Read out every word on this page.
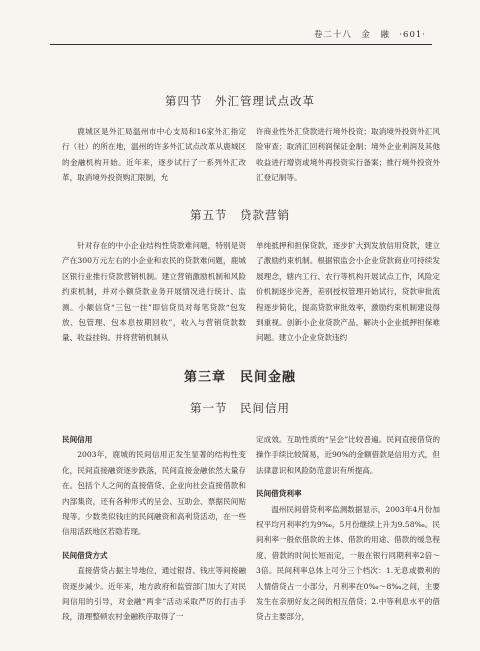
卷二十八　金　融　·601·
第四节　外汇管理试点改革

鹿城区是外汇局温州市中心支局和16家外汇指定行（社）的所在地，温州的许多外汇试点改革从鹿城区的金融机构开始。近年来，逐步试行了一系列外汇改革，取消境外投资购汇限制，允

许商业性外汇贷款进行境外投资；取消境外投资外汇风险审查；取消汇回利润保证金制；境外企业利润及其他收益进行增资或境外再投资实行备案；推行境外投资外汇登记制等。

第五节　贷款营销

针对存在的中小企业结构性贷款难问题，特别是资产在300万元左右的小企业和农民的贷款难问题，鹿城区银行业推行贷款营销机制。建立营销激励机制和风险约束机制，并对小额贷款业务开展情况进行统计、监测。小额信贷“三包一挂”即信贷员对每笔贷款“包发放、包管理、包本息按期回收”，收入与营销贷款数量、收益挂钩。并将营销机制从

单纯抵押和担保贷款，逐步扩大到发放信用贷款，建立了激励约束机制。根据银监会小企业贷款商业可持续发展理念，辖内工行、农行等机构开展试点工作，风险定价机制逐步完善，差别授权管理开始试行，贷款审批流程逐步简化，提高贷款审批效率，激励约束机制建设得到重视。创新小企业贷款产品，解决小企业抵押担保难问题。建立小企业贷款违约

第三章　民间金融
第一节　民间信用

民间信用

2003年，鹿城的民间信用正发生显著的结构性变化，民间直接融资逐步跌落，民间直接金融依然大量存在。包括个人之间的直接借贷、企业向社会直接借款和内部集资，还有各种形式的呈会、互助会、票据民间贴现等。少数类似钱庄的民间融资和高利贷活动，在一些信用活跃地区若隐若现。

民间借贷方式

直接借贷占据主导地位，通过银背、钱庄等间接融资逐步减少。近年来，地方政府和监管部门加大了对民间信用的引导，对金融“两非”活动采取严厉的打击手段，清理整顿农村金融秩序取得了一

定成效。互助性质的“呈会”比较普遍。民间直接借贷的操作手续比较简易，近90%的金额借款是信用方式，但法律意识和风险防范意识有所提高。

民间借贷利率

温州民间借贷利率监测数据显示，2003年4月份加权平均月利率约为9‰，5月份继续上升为9.58‰。民间利率一般依借款的主体、借款的用途、借款的缓急程度、借款的时间长短而定，一般在银行同期利率2倍～3倍。民间利率总体上可分三个档次：1.无息或微利的人情借贷占一小部分，月利率在0‰～8‰之间，主要发生在亲朋好友之间的相互借贷；2.中等利息水平的借贷占主要部分，
